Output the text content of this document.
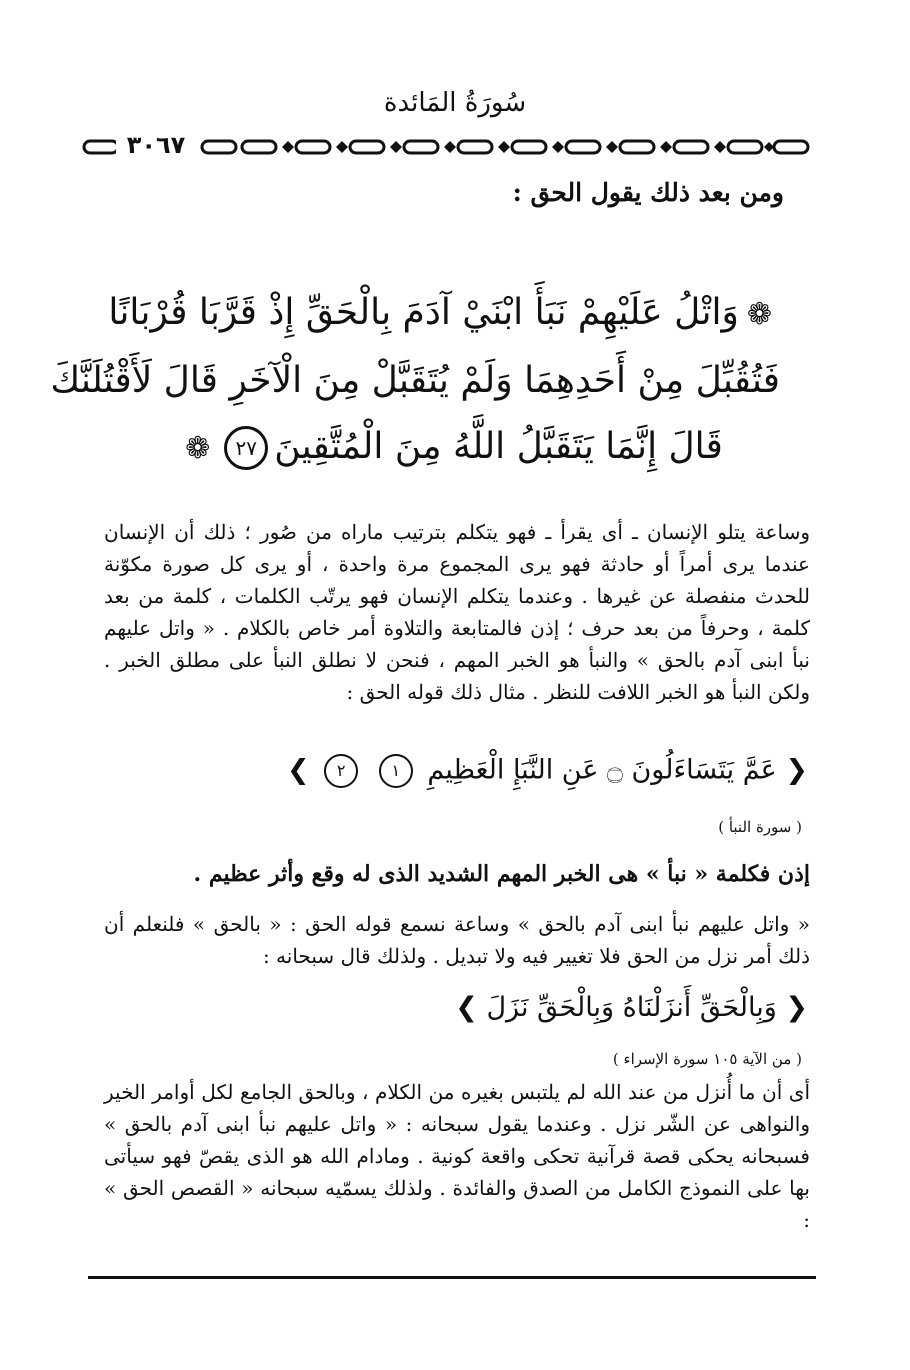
سُورَةُ المَائدة
٣٠٦٧
ومن بعد ذلك يقول الحق :
❁وَاتْلُ عَلَيْهِمْ نَبَأَ ابْنَيْ آدَمَ بِالْحَقِّ إِذْ قَرَّبَا قُرْبَانًا
فَتُقُبِّلَ مِنْ أَحَدِهِمَا وَلَمْ يُتَقَبَّلْ مِنَ الْآخَرِ قَالَ لَأَقْتُلَنَّكَ
قَالَ إِنَّمَا يَتَقَبَّلُ اللَّهُ مِنَ الْمُتَّقِينَ٢٧❁
وساعة يتلو الإنسان ـ أى يقرأ ـ فهو يتكلم بترتيب ماراه من صُور ؛ ذلك أن الإنسان عندما يرى أمراً أو حادثة فهو يرى المجموع مرة واحدة ، أو يرى كل صورة مكوّنة للحدث منفصلة عن غيرها . وعندما يتكلم الإنسان فهو يرتّب الكلمات ، كلمة من بعد كلمة ، وحرفاً من بعد حرف ؛ إذن فالمتابعة والتلاوة أمر خاص بالكلام . « واتل عليهم نبأ ابنى آدم بالحق » والنبأ هو الخبر المهم ، فنحن لا نطلق النبأ على مطلق الخبر . ولكن النبأ هو الخبر اللافت للنظر . مثال ذلك قوله الحق :
❮ عَمَّ يَتَسَاءَلُونَ ۝ عَنِ النَّبَإِ الْعَظِيمِ ١ ٢ ❯
( سورة النبأ )
إذن فكلمة « نبأ » هى الخبر المهم الشديد الذى له وقع وأثر عظيم .
« واتل عليهم نبأ ابنى آدم بالحق » وساعة نسمع قوله الحق : « بالحق » فلنعلم أن ذلك أمر نزل من الحق فلا تغيير فيه ولا تبديل . ولذلك قال سبحانه :
❮ وَبِالْحَقِّ أَنزَلْنَاهُ وَبِالْحَقِّ نَزَلَ ❯
( من الآية ١٠٥ سورة الإسراء )
أى أن ما أُنزل من عند الله لم يلتبس بغيره من الكلام ، وبالحق الجامع لكل أوامر الخير والنواهى عن الشّر نزل . وعندما يقول سبحانه : « واتل عليهم نبأ ابنى آدم بالحق » فسبحانه يحكى قصة قرآنية تحكى واقعة كونية . ومادام الله هو الذى يقصّ فهو سيأتى بها على النموذج الكامل من الصدق والفائدة . ولذلك يسمّيه سبحانه « القصص الحق » :
